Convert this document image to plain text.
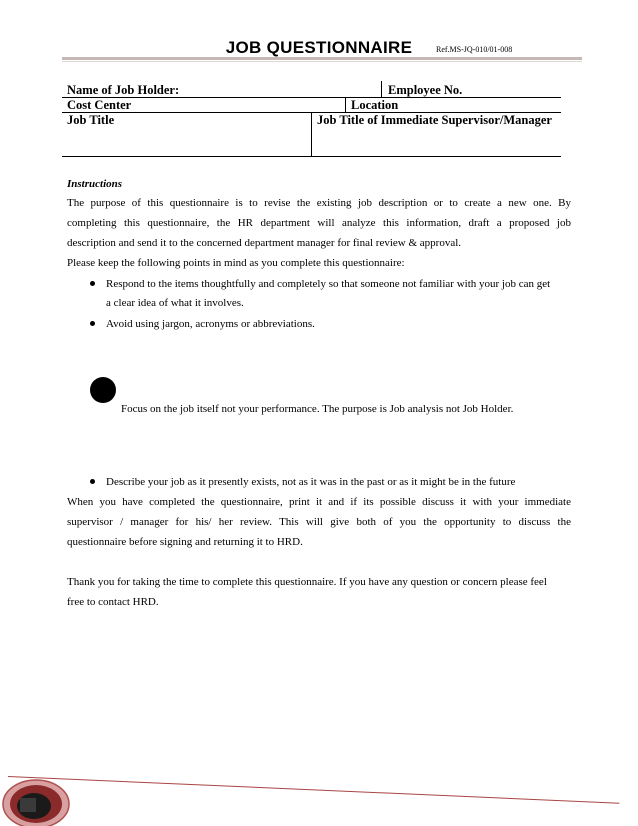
JOB QUESTIONNAIRE	Ref.MS-JQ-010/01-008
Name of Job Holder:	Employee No.
Cost Center	Location
Job Title	Job Title of Immediate Supervisor/Manager
Instructions
The purpose of this questionnaire is to revise the existing job description or to create a new one. By
completing this questionnaire, the HR department will analyze this information, draft a proposed job
description and send it to the concerned department manager for final review & approval.
Please keep the following points in mind as you complete this questionnaire:
Respond to the items thoughtfully and completely so that someone not familiar with your job can get
a clear idea of what it involves.
Avoid using jargon, acronyms or abbreviations.
Focus on the job itself not your performance. The purpose is Job analysis not Job Holder.
Describe your job as it presently exists, not as it was in the past or as it might be in the future
When you have completed the questionnaire, print it and if its possible discuss it with your immediate
supervisor / manager for his/ her review. This will give both of you the opportunity to discuss the
questionnaire before signing and returning it to HRD.
Thank you for taking the time to complete this questionnaire. If you have any question or concern please feel
free to contact HRD.
